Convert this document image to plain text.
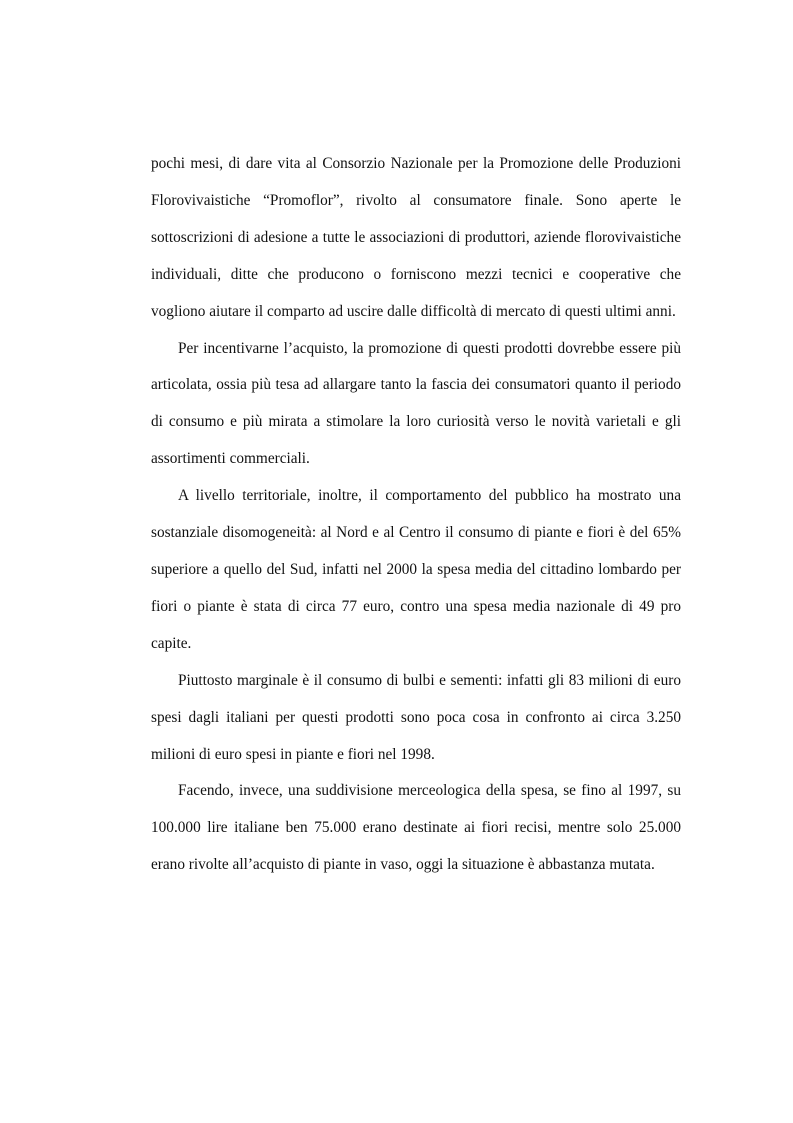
pochi mesi, di dare vita al Consorzio Nazionale per la Promozione delle Produzioni Florovivaistiche “Promoflor”, rivolto al consumatore finale. Sono aperte le sottoscrizioni di adesione a tutte le associazioni di produttori, aziende florovivaistiche individuali, ditte che producono o forniscono mezzi tecnici e cooperative che vogliono aiutare il comparto ad uscire dalle difficoltà di mercato di questi ultimi anni.

Per incentivarne l’acquisto, la promozione di questi prodotti dovrebbe essere più articolata, ossia più tesa ad allargare tanto la fascia dei consumatori quanto il periodo di consumo e più mirata a stimolare la loro curiosità verso le novità varietali e gli assortimenti commerciali.

A livello territoriale, inoltre, il comportamento del pubblico ha mostrato una sostanziale disomogeneità: al Nord e al Centro il consumo di piante e fiori è del 65% superiore a quello del Sud, infatti nel 2000 la spesa media del cittadino lombardo per fiori o piante è stata di circa 77 euro, contro una spesa media nazionale di 49 pro capite.

Piuttosto marginale è il consumo di bulbi e sementi: infatti gli 83 milioni di euro spesi dagli italiani per questi prodotti sono poca cosa in confronto ai circa 3.250 milioni di euro spesi in piante e fiori nel 1998.

Facendo, invece, una suddivisione merceologica della spesa, se fino al 1997, su 100.000 lire italiane ben 75.000 erano destinate ai fiori recisi, mentre solo 25.000 erano rivolte all’acquisto di piante in vaso, oggi la situazione è abbastanza mutata.
